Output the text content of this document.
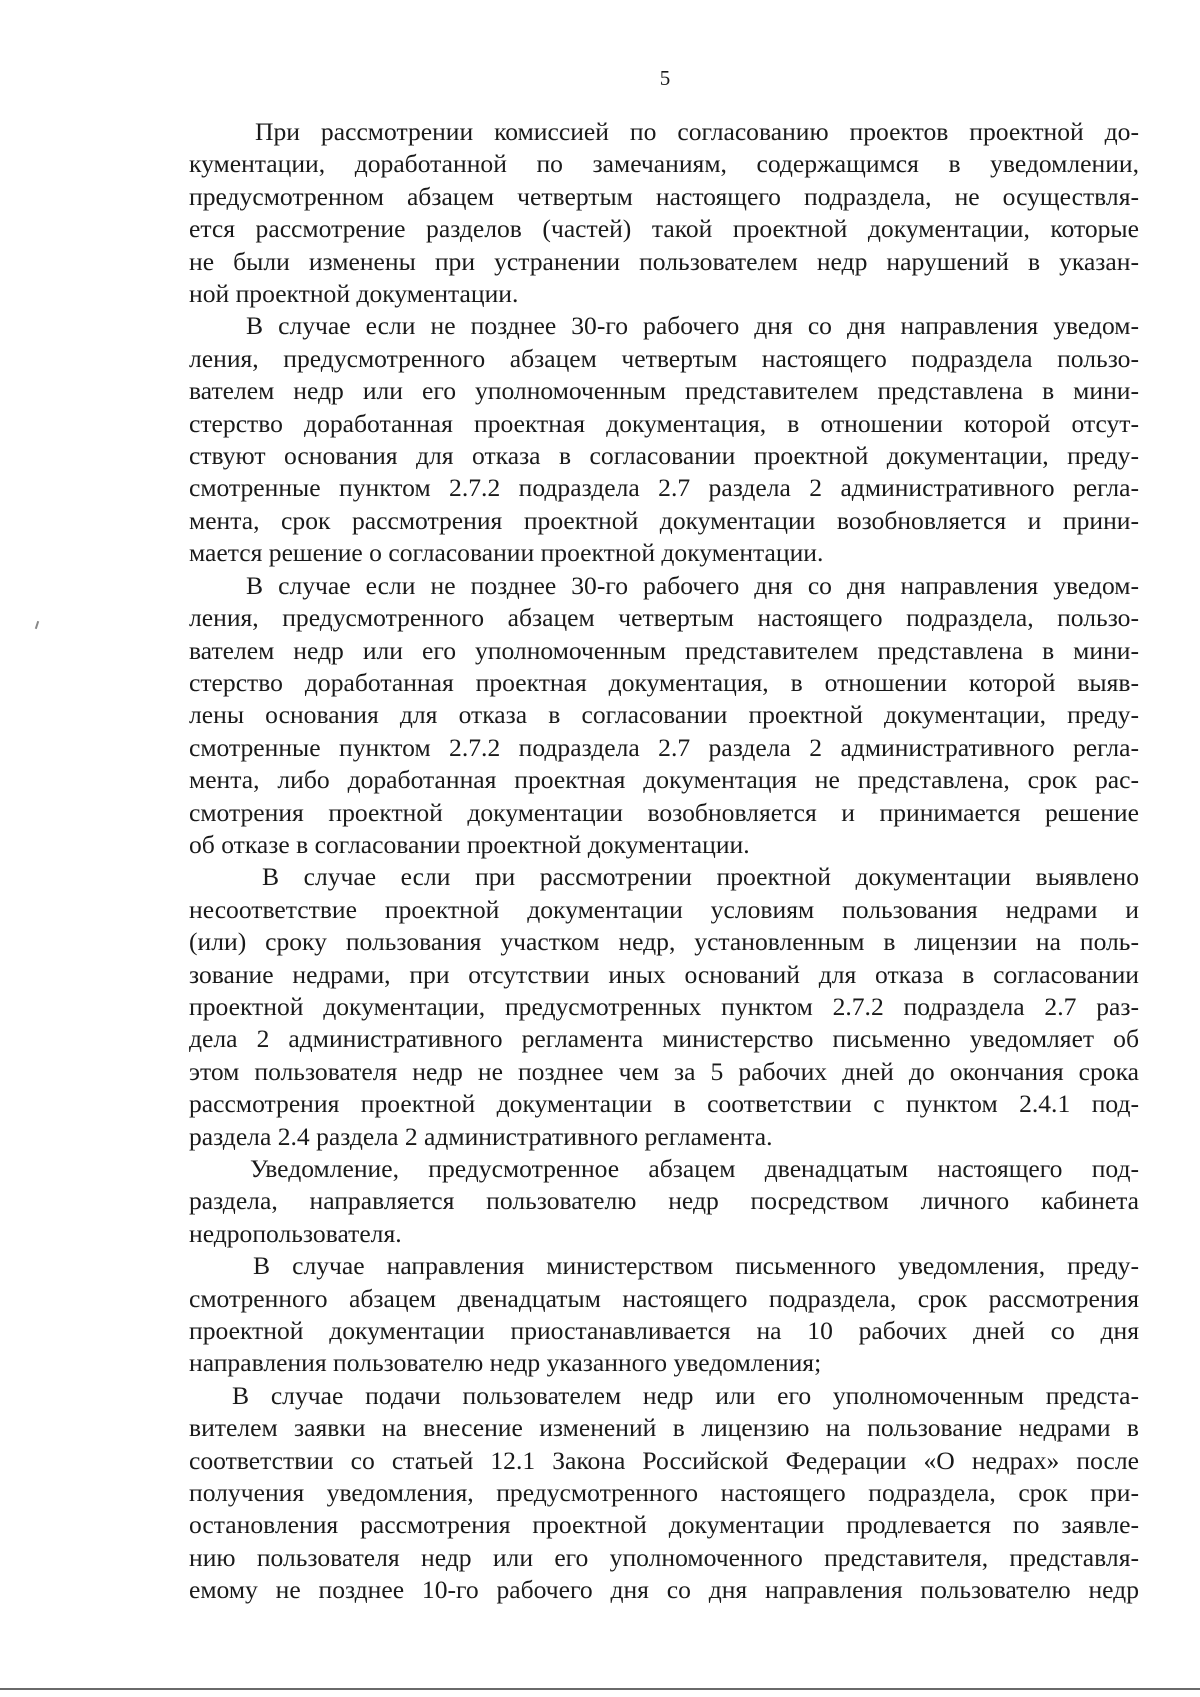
5

При рассмотрении комиссией по согласованию проектов проектной до-
кументации, доработанной по замечаниям, содержащимся в уведомлении,
предусмотренном абзацем четвертым настоящего подраздела, не осуществля-
ется рассмотрение разделов (частей) такой проектной документации, которые
не были изменены при устранении пользователем недр нарушений в указан-
ной проектной документации.

В случае если не позднее 30-го рабочего дня со дня направления уведом-
ления, предусмотренного абзацем четвертым настоящего подраздела пользо-
вателем недр или его уполномоченным представителем представлена в мини-
стерство доработанная проектная документация, в отношении которой отсут-
ствуют основания для отказа в согласовании проектной документации, преду-
смотренные пунктом 2.7.2 подраздела 2.7 раздела 2 административного регла-
мента, срок рассмотрения проектной документации возобновляется и прини-
мается решение о согласовании проектной документации.

В случае если не позднее 30-го рабочего дня со дня направления уведом-
ления, предусмотренного абзацем четвертым настоящего подраздела, пользо-
вателем недр или его уполномоченным представителем представлена в мини-
стерство доработанная проектная документация, в отношении которой выяв-
лены основания для отказа в согласовании проектной документации, преду-
смотренные пунктом 2.7.2 подраздела 2.7 раздела 2 административного регла-
мента, либо доработанная проектная документация не представлена, срок рас-
смотрения проектной документации возобновляется и принимается решение
об отказе в согласовании проектной документации.

В случае если при рассмотрении проектной документации выявлено
несоответствие проектной документации условиям пользования недрами и
(или) сроку пользования участком недр, установленным в лицензии на поль-
зование недрами, при отсутствии иных оснований для отказа в согласовании
проектной документации, предусмотренных пунктом 2.7.2 подраздела 2.7 раз-
дела 2 административного регламента министерство письменно уведомляет об
этом пользователя недр не позднее чем за 5 рабочих дней до окончания срока
рассмотрения проектной документации в соответствии с пунктом 2.4.1 под-
раздела 2.4 раздела 2 административного регламента.

Уведомление, предусмотренное абзацем двенадцатым настоящего под-
раздела, направляется пользователю недр посредством личного кабинета
недропользователя.

В случае направления министерством письменного уведомления, преду-
смотренного абзацем двенадцатым настоящего подраздела, срок рассмотрения
проектной документации приостанавливается на 10 рабочих дней со дня
направления пользователю недр указанного уведомления;

В случае подачи пользователем недр или его уполномоченным предста-
вителем заявки на внесение изменений в лицензию на пользование недрами в
соответствии со статьей 12.1 Закона Российской Федерации «О недрах» после
получения уведомления, предусмотренного настоящего подраздела, срок при-
остановления рассмотрения проектной документации продлевается по заявле-
нию пользователя недр или его уполномоченного представителя, представля-
емому не позднее 10-го рабочего дня со дня направления пользователю недр
